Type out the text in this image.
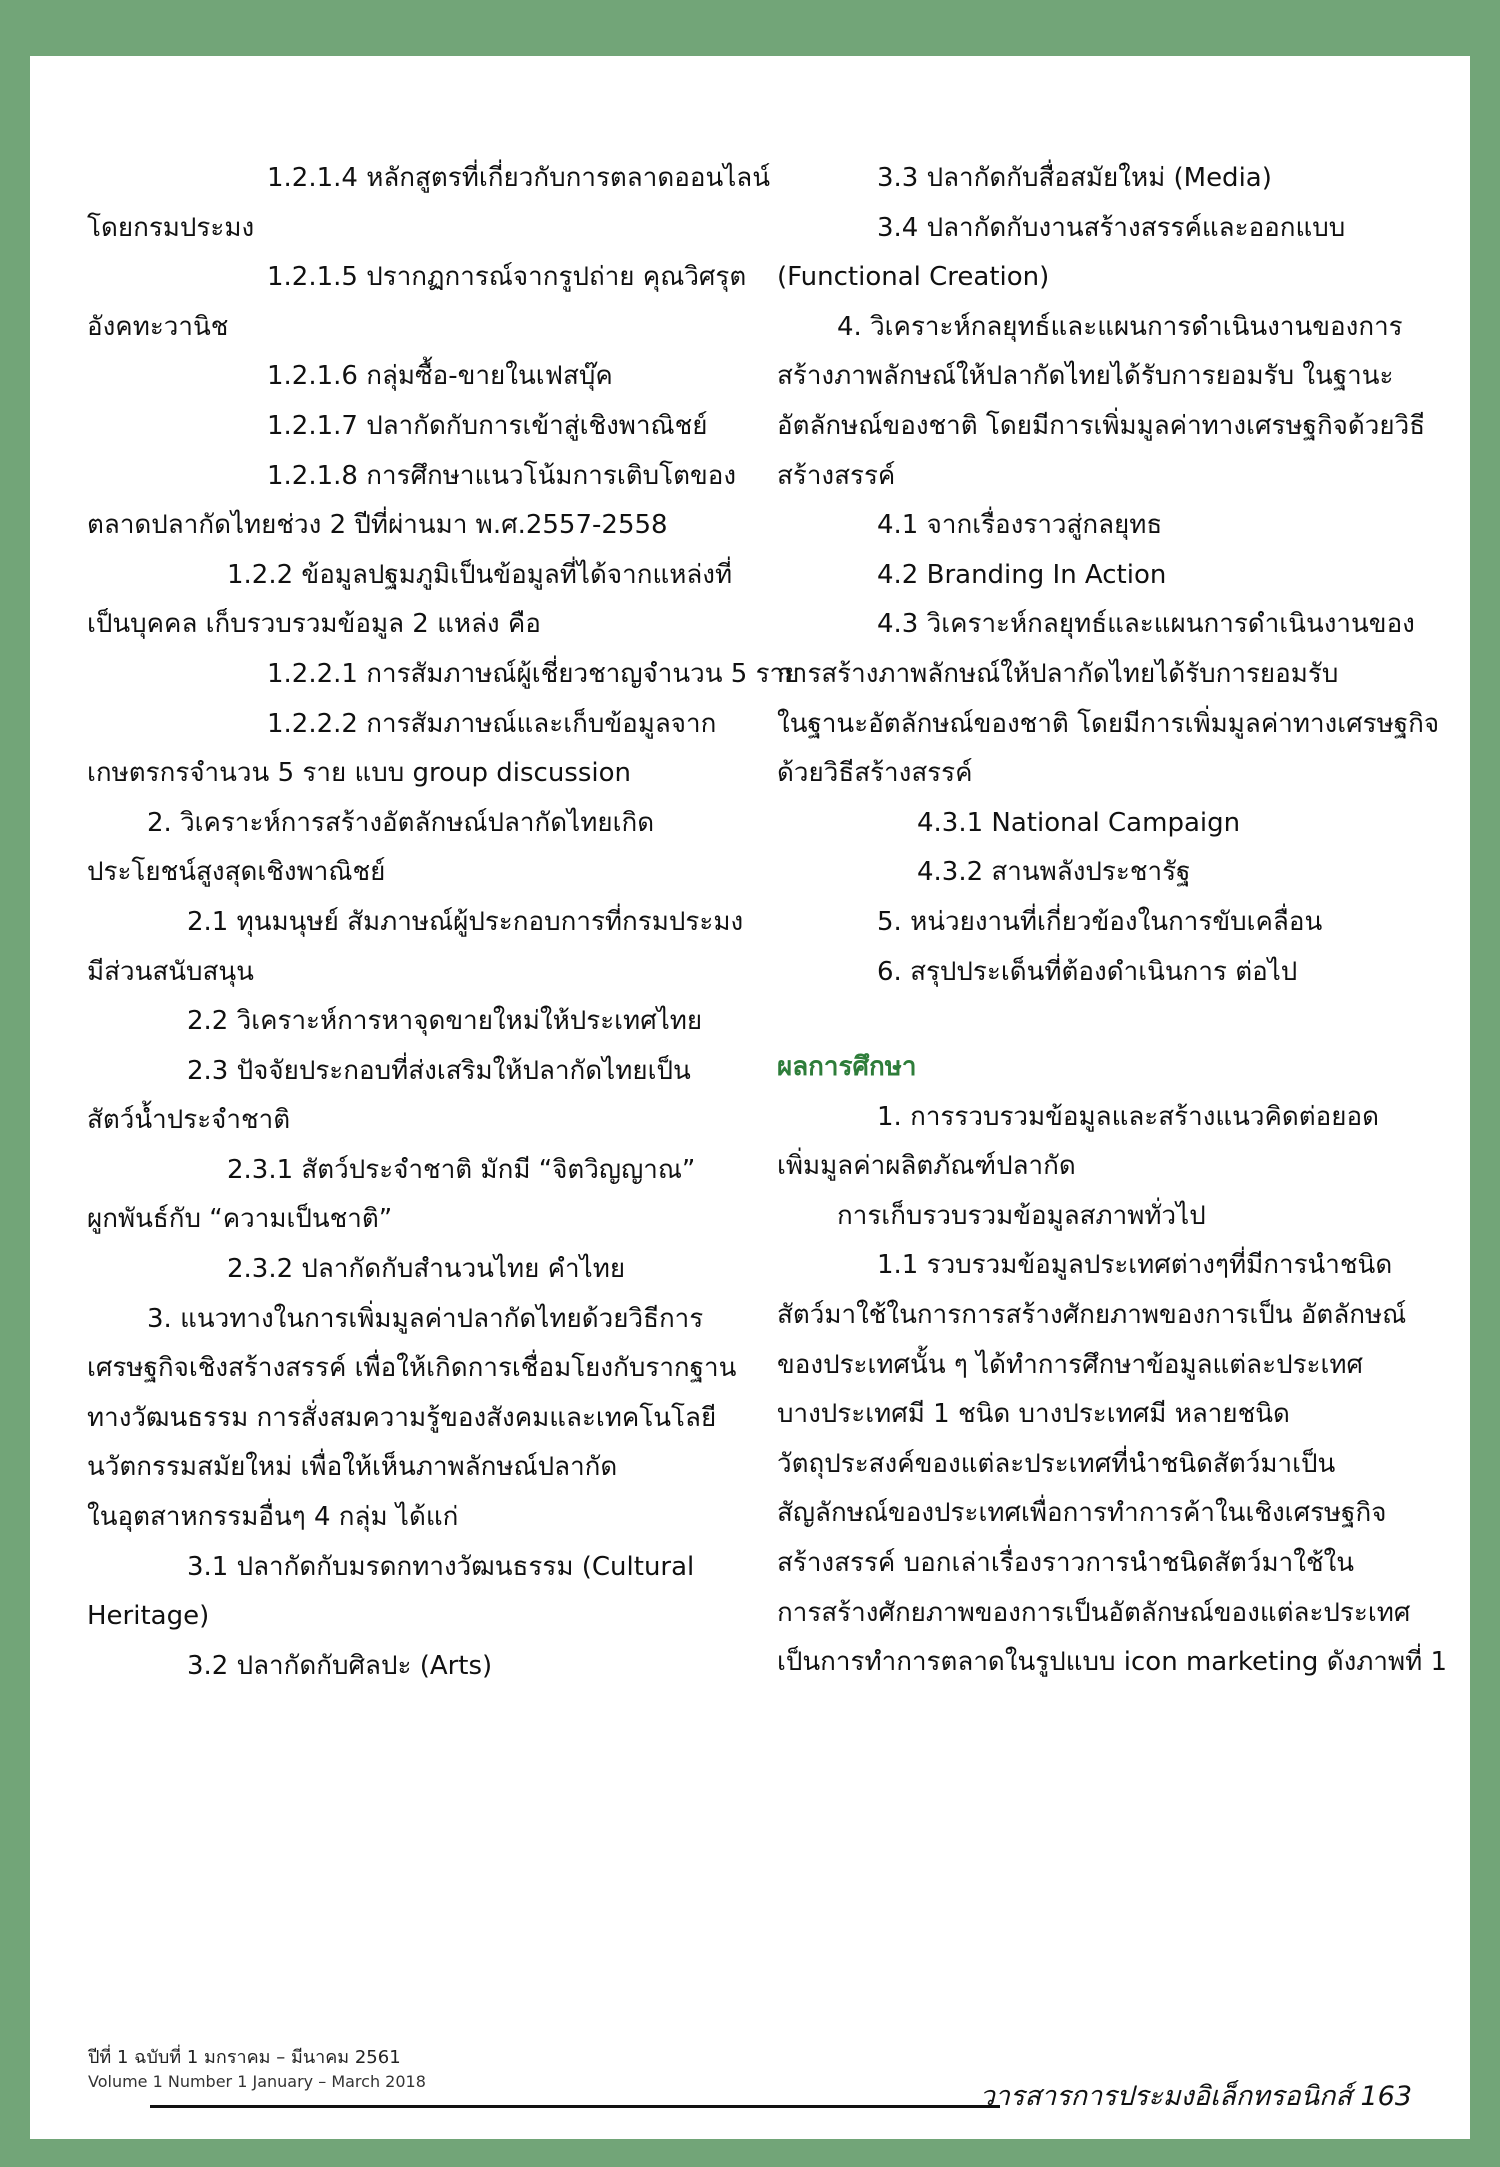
1.2.1.4 หลักสูตรที่เกี่ยวกับการตลาดออนไลน์
โดยกรมประมง
1.2.1.5 ปรากฏการณ์จากรูปถ่าย คุณวิศรุต
อังคทะวานิช
1.2.1.6 กลุ่มซื้อ-ขายในเฟสบุ๊ค
1.2.1.7 ปลากัดกับการเข้าสู่เชิงพาณิชย์
1.2.1.8 การศึกษาแนวโน้มการเติบโตของ
ตลาดปลากัดไทยช่วง 2 ปีที่ผ่านมา พ.ศ.2557-2558
1.2.2 ข้อมูลปฐมภูมิเป็นข้อมูลที่ได้จากแหล่งที่
เป็นบุคคล เก็บรวบรวมข้อมูล 2 แหล่ง คือ
1.2.2.1 การสัมภาษณ์ผู้เชี่ยวชาญจำนวน 5 ราย
1.2.2.2 การสัมภาษณ์และเก็บข้อมูลจาก
เกษตรกรจำนวน 5 ราย แบบ group discussion
2. วิเคราะห์การสร้างอัตลักษณ์ปลากัดไทยเกิด
ประโยชน์สูงสุดเชิงพาณิชย์
2.1 ทุนมนุษย์ สัมภาษณ์ผู้ประกอบการที่กรมประมง
มีส่วนสนับสนุน
2.2 วิเคราะห์การหาจุดขายใหม่ให้ประเทศไทย
2.3 ปัจจัยประกอบที่ส่งเสริมให้ปลากัดไทยเป็น
สัตว์น้ำประจำชาติ
2.3.1 สัตว์ประจำชาติ มักมี “จิตวิญญาณ”
ผูกพันธ์กับ “ความเป็นชาติ”
2.3.2 ปลากัดกับสำนวนไทย คำไทย
3. แนวทางในการเพิ่มมูลค่าปลากัดไทยด้วยวิธีการ
เศรษฐกิจเชิงสร้างสรรค์ เพื่อให้เกิดการเชื่อมโยงกับรากฐาน
ทางวัฒนธรรม การสั่งสมความรู้ของสังคมและเทคโนโลยี
นวัตกรรมสมัยใหม่ เพื่อให้เห็นภาพลักษณ์ปลากัด
ในอุตสาหกรรมอื่นๆ 4 กลุ่ม ได้แก่
3.1 ปลากัดกับมรดกทางวัฒนธรรม (Cultural
Heritage)
3.2 ปลากัดกับศิลปะ (Arts)
3.3 ปลากัดกับสื่อสมัยใหม่ (Media)
3.4 ปลากัดกับงานสร้างสรรค์และออกแบบ
(Functional Creation)
4. วิเคราะห์กลยุทธ์และแผนการดำเนินงานของการ
สร้างภาพลักษณ์ให้ปลากัดไทยได้รับการยอมรับ ในฐานะ
อัตลักษณ์ของชาติ โดยมีการเพิ่มมูลค่าทางเศรษฐกิจด้วยวิธี
สร้างสรรค์
4.1 จากเรื่องราวสู่กลยุทธ
4.2 Branding In Action
4.3 วิเคราะห์กลยุทธ์และแผนการดำเนินงานของ
การสร้างภาพลักษณ์ให้ปลากัดไทยได้รับการยอมรับ
ในฐานะอัตลักษณ์ของชาติ โดยมีการเพิ่มมูลค่าทางเศรษฐกิจ
ด้วยวิธีสร้างสรรค์
4.3.1 National Campaign
4.3.2 สานพลังประชารัฐ
5. หน่วยงานที่เกี่ยวข้องในการขับเคลื่อน
6. สรุปประเด็นที่ต้องดำเนินการ ต่อไป
ผลการศึกษา
1. การรวบรวมข้อมูลและสร้างแนวคิดต่อยอด
เพิ่มมูลค่าผลิตภัณฑ์ปลากัด
การเก็บรวบรวมข้อมูลสภาพทั่วไป
1.1 รวบรวมข้อมูลประเทศต่างๆที่มีการนำชนิด
สัตว์มาใช้ในการการสร้างศักยภาพของการเป็น อัตลักษณ์
ของประเทศนั้น ๆ ได้ทำการศึกษาข้อมูลแต่ละประเทศ
บางประเทศมี 1 ชนิด บางประเทศมี หลายชนิด
วัตถุประสงค์ของแต่ละประเทศที่นำชนิดสัตว์มาเป็น
สัญลักษณ์ของประเทศเพื่อการทำการค้าในเชิงเศรษฐกิจ
สร้างสรรค์ บอกเล่าเรื่องราวการนำชนิดสัตว์มาใช้ใน
การสร้างศักยภาพของการเป็นอัตลักษณ์ของแต่ละประเทศ
เป็นการทำการตลาดในรูปแบบ icon marketing ดังภาพที่ 1
ปีที่ 1 ฉบับที่ 1 มกราคม – มีนาคม 2561
Volume 1 Number 1 January – March 2018	วารสารการประมงอิเล็กทรอนิกส์ 163
